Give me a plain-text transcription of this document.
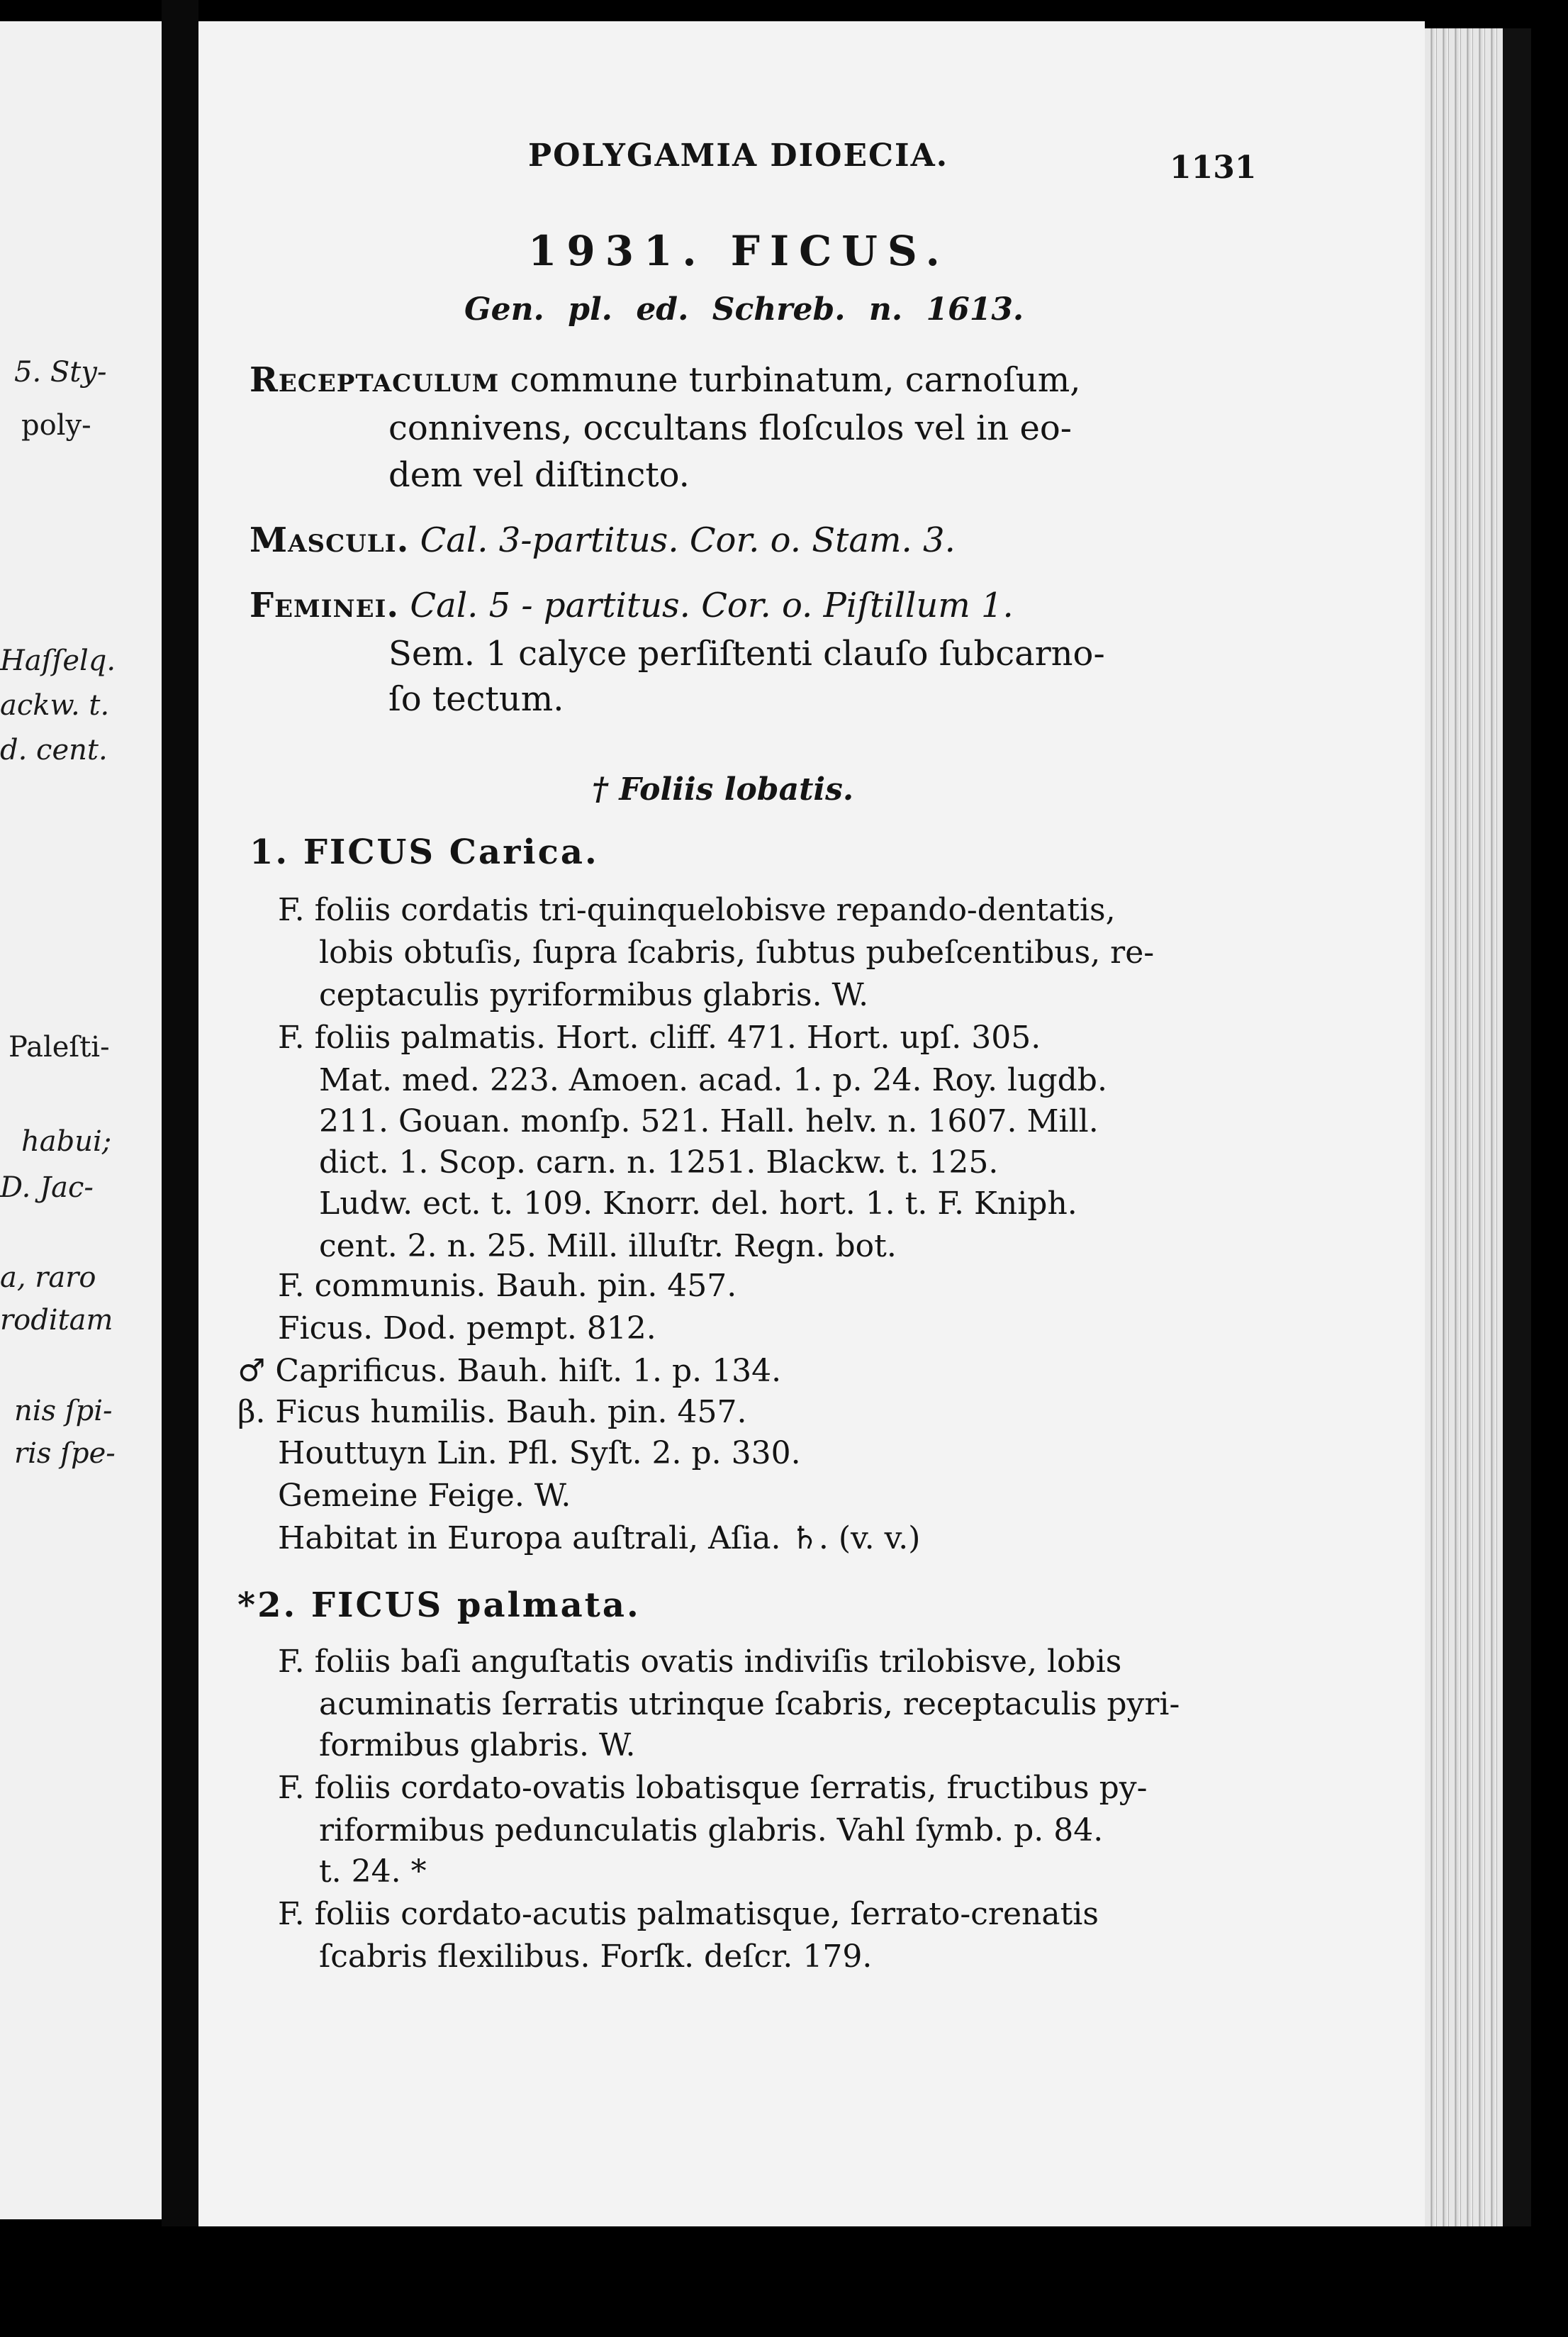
5. Sty-
poly-
Haſſelq.
ackw. t.
d. cent.
Paleſti-
habui;
D. Jac-
a, raro
roditam
nis ſpi-
ris ſpe-
POLYGAMIA DIOECIA.	1131
1931. FICUS.
Gen. pl. ed. Schreb. n. 1613.
Receptaculum commune turbinatum, carnoſum,
connivens, occultans floſculos vel in eo-
dem vel diſtincto.
Masculi. Cal. 3-partitus. Cor. o. Stam. 3.
Feminei. Cal. 5 - partitus. Cor. o. Piſtillum 1.
Sem. 1 calyce perſiſtenti clauſo ſubcarno-
ſo tectum.
† Foliis lobatis.
1. FICUS Carica.
F. foliis cordatis tri-quinquelobisve repando-dentatis,
lobis obtuſis, ſupra ſcabris, ſubtus pubeſcentibus, re-
ceptaculis pyriformibus glabris. W.
F. foliis palmatis. Hort. cliff. 471. Hort. upſ. 305.
Mat. med. 223. Amoen. acad. 1. p. 24. Roy. lugdb.
211. Gouan. monſp. 521. Hall. helv. n. 1607. Mill.
dict. 1. Scop. carn. n. 1251. Blackw. t. 125.
Ludw. ect. t. 109. Knorr. del. hort. 1. t. F. Kniph.
cent. 2. n. 25. Mill. illuſtr. Regn. bot.
F. communis. Bauh. pin. 457.
Ficus. Dod. pempt. 812.
♂ Caprificus. Bauh. hiſt. 1. p. 134.
β. Ficus humilis. Bauh. pin. 457.
Houttuyn Lin. Pfl. Syſt. 2. p. 330.
Gemeine Feige. W.
Habitat in Europa auſtrali, Aſia. ♄. (v. v.)
*2. FICUS palmata.
F. foliis baſi anguſtatis ovatis indiviſis trilobisve, lobis
acuminatis ſerratis utrinque ſcabris, receptaculis pyri-
formibus glabris. W.
F. foliis cordato-ovatis lobatisque ſerratis, fructibus py-
riformibus pedunculatis glabris. Vahl ſymb. p. 84.
t. 24. *
F. foliis cordato-acutis palmatisque, ſerrato-crenatis
ſcabris flexilibus. Forſk. deſcr. 179.
